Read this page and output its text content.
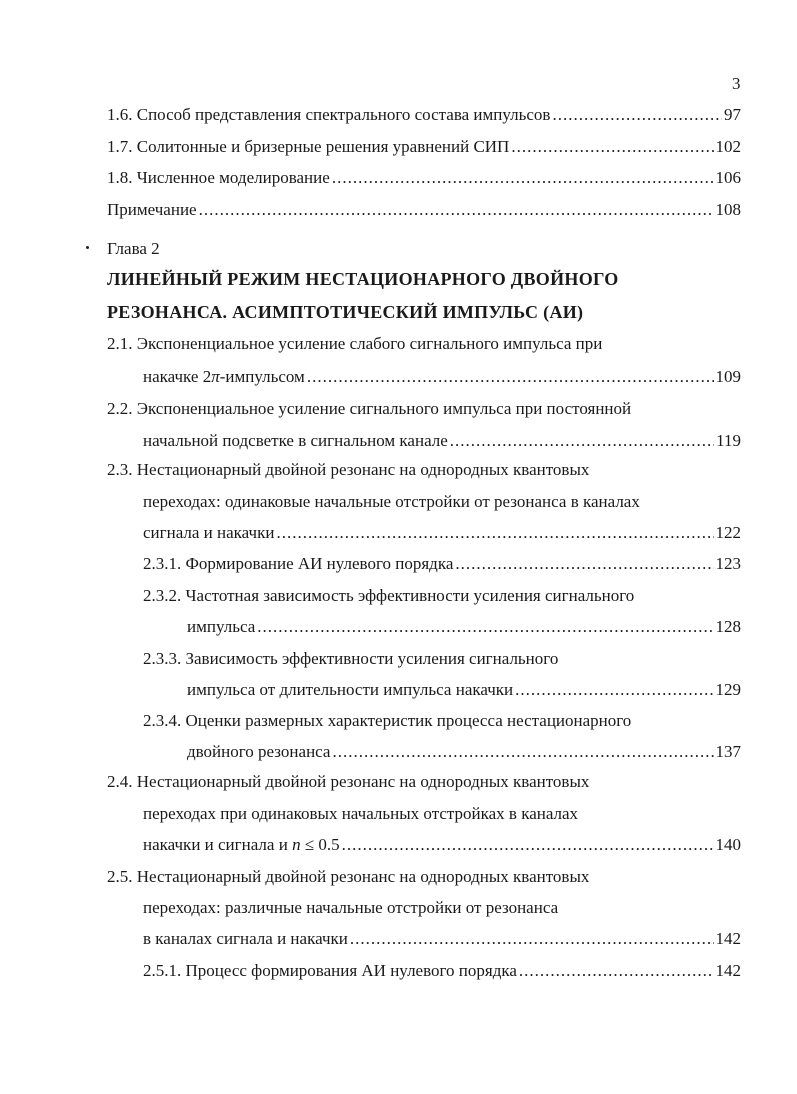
3
1.6. Способ представления спектрального состава импульсов .....	97
1.7. Солитонные и бризерные решения уравнений СИП .....	102
1.8. Численное моделирование .....	106
Примечание .....	108
Глава 2
ЛИНЕЙНЫЙ РЕЖИМ НЕСТАЦИОНАРНОГО ДВОЙНОГО
РЕЗОНАНСА. АСИМПТОТИЧЕСКИЙ ИМПУЛЬС (АИ)
2.1. Экспоненциальное усиление слабого сигнального импульса при
накачке 2π-импульсом .....	109
2.2. Экспоненциальное усиление сигнального импульса при постоянной
начальной подсветке в сигнальном канале .....	119
2.3. Нестационарный двойной резонанс на однородных квантовых
переходах: одинаковые начальные отстройки от резонанса в каналах
сигнала и накачки .....	122
2.3.1. Формирование АИ нулевого порядка .....	123
2.3.2. Частотная зависимость эффективности усиления сигнального
импульса .....	128
2.3.3. Зависимость эффективности усиления сигнального
импульса от длительности импульса накачки .....	129
2.3.4. Оценки размерных характеристик процесса нестационарного
двойного резонанса .....	137
2.4. Нестационарный двойной резонанс на однородных квантовых
переходах при одинаковых начальных отстройках в каналах
накачки и сигнала и n ≤ 0.5 .....	140
2.5. Нестационарный двойной резонанс на однородных квантовых
переходах: различные начальные отстройки от резонанса
в каналах сигнала и накачки .....	142
2.5.1. Процесс формирования АИ нулевого порядка .....	142
